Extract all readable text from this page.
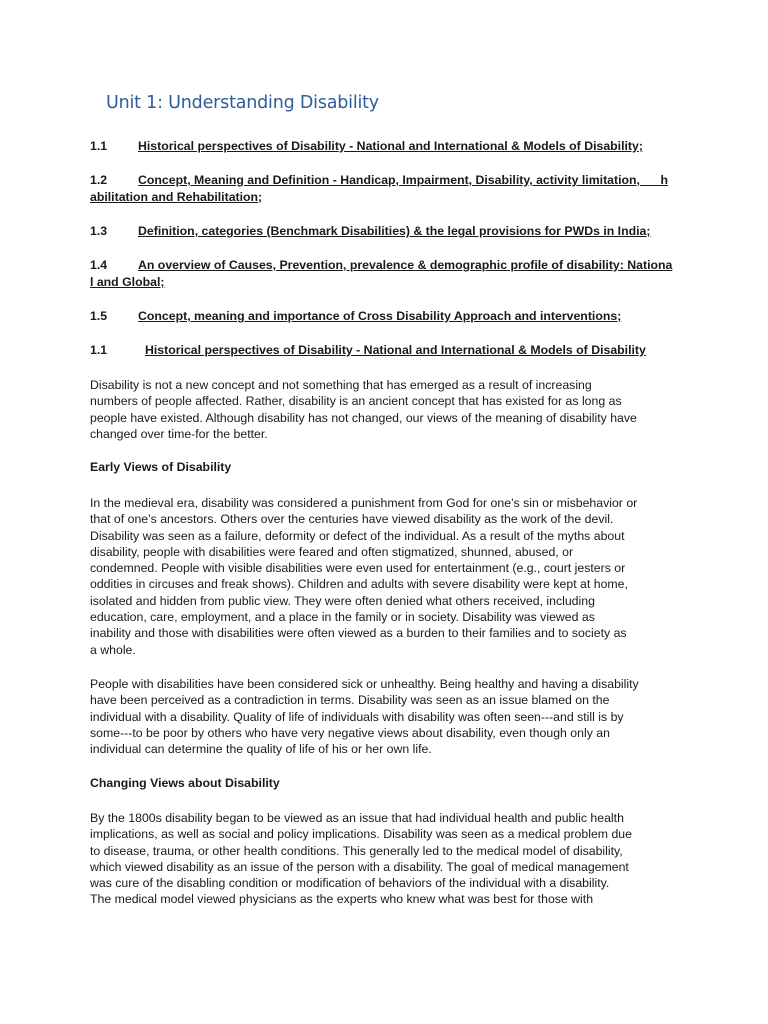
Unit 1: Understanding Disability
1.1	Historical perspectives of Disability - National and International & Models of Disability;
1.2	Concept, Meaning and Definition - Handicap, Impairment, Disability, activity limitation,      h
abilitation and Rehabilitation;
1.3	Definition, categories (Benchmark Disabilities) & the legal provisions for PWDs in India;
1.4	An overview of Causes, Prevention, prevalence & demographic profile of disability: Nationa
l and Global;
1.5	Concept, meaning and importance of Cross Disability Approach and interventions;
1.1	Historical perspectives of Disability - National and International & Models of Disability
Disability is not a new concept and not something that has emerged as a result of increasing
numbers of people affected. Rather, disability is an ancient concept that has existed for as long as
people have existed. Although disability has not changed, our views of the meaning of disability have
changed over time-for the better.
Early Views of Disability
In the medieval era, disability was considered a punishment from God for one’s sin or misbehavior or
that of one’s ancestors. Others over the centuries have viewed disability as the work of the devil.
Disability was seen as a failure, deformity or defect of the individual. As a result of the myths about
disability, people with disabilities were feared and often stigmatized, shunned, abused, or
condemned. People with visible disabilities were even used for entertainment (e.g., court jesters or
oddities in circuses and freak shows). Children and adults with severe disability were kept at home,
isolated and hidden from public view. They were often denied what others received, including
education, care, employment, and a place in the family or in society. Disability was viewed as
inability and those with disabilities were often viewed as a burden to their families and to society as
a whole.
People with disabilities have been considered sick or unhealthy. Being healthy and having a disability
have been perceived as a contradiction in terms. Disability was seen as an issue blamed on the
individual with a disability. Quality of life of individuals with disability was often seen---and still is by
some---to be poor by others who have very negative views about disability, even though only an
individual can determine the quality of life of his or her own life.
Changing Views about Disability
By the 1800s disability began to be viewed as an issue that had individual health and public health
implications, as well as social and policy implications. Disability was seen as a medical problem due
to disease, trauma, or other health conditions. This generally led to the medical model of disability,
which viewed disability as an issue of the person with a disability. The goal of medical management
was cure of the disabling condition or modification of behaviors of the individual with a disability.
The medical model viewed physicians as the experts who knew what was best for those with
